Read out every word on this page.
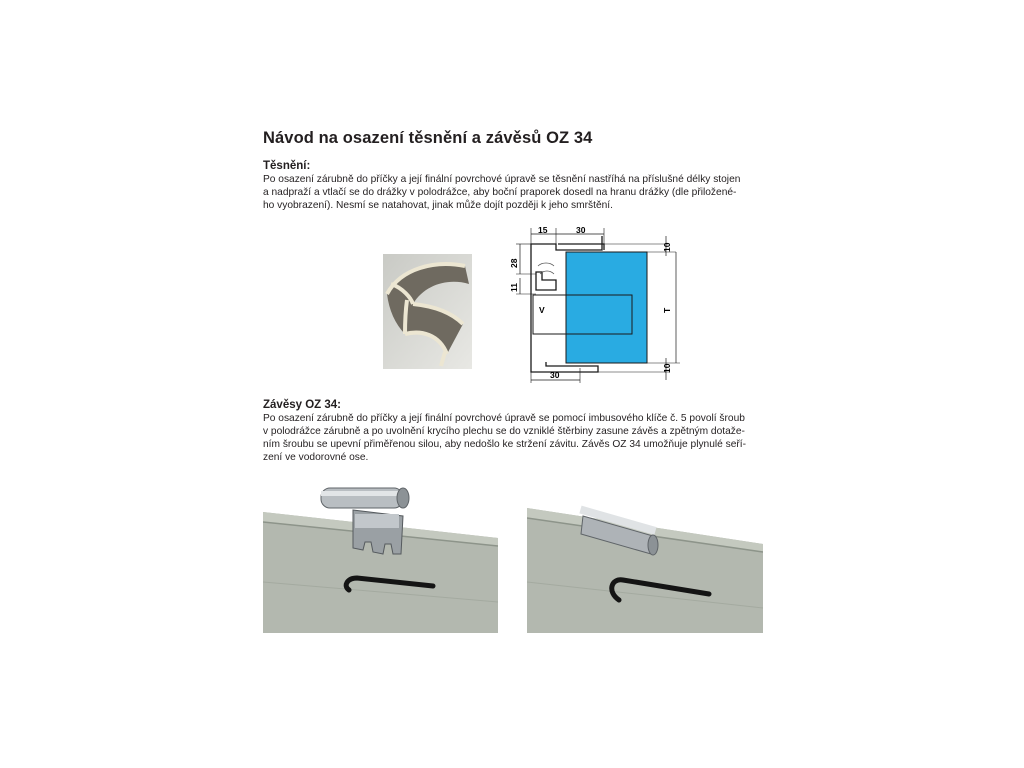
Návod na osazení těsnění a závěsů OZ 34
Těsnění:
Po osazení zárubně do příčky a její finální povrchové úpravě se těsnění nastříhá na příslušné délky stojen
a nadpraží a vtlačí se do drážky v polodrážce, aby boční praporek dosedl na hranu drážky (dle přiložené-
ho vyobrazení). Nesmí se natahovat, jinak může dojít později k jeho smrštění.
15	30
10
T
10
28
11
V
30
Závěsy OZ 34:
Po osazení zárubně do příčky a její finální povrchové úpravě se pomocí imbusového klíče č. 5 povolí šroub
v polodrážce zárubně a po uvolnění krycího plechu se do vzniklé štěrbiny zasune závěs a zpětným dotaže-
ním šroubu se upevní přiměřenou silou, aby nedošlo ke stržení závitu. Závěs OZ 34 umožňuje plynulé seří-
zení ve vodorovné ose.
